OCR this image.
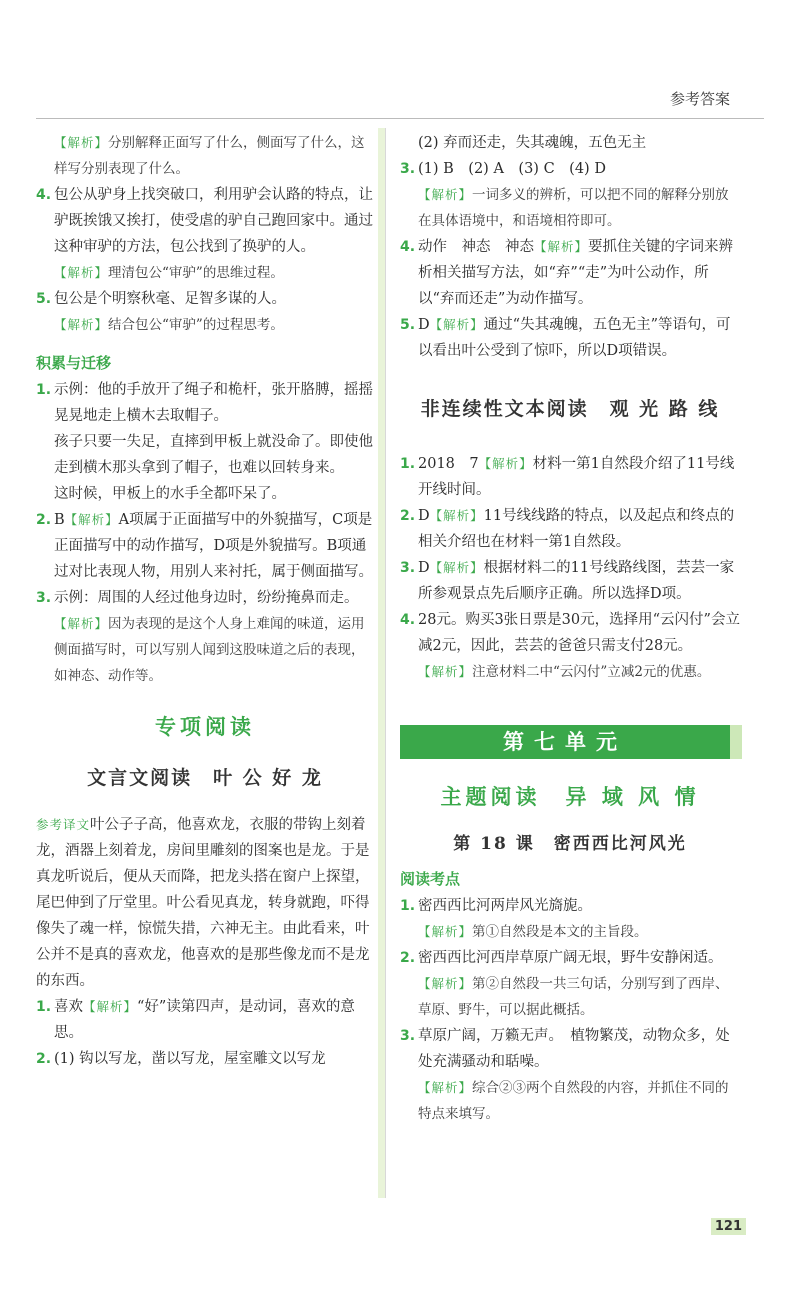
参考答案

【解析】分别解释正面写了什么，侧面写了什么，这样写分别表现了什么。

4. 包公从驴身上找突破口，利用驴会认路的特点，让驴既挨饿又挨打，使受虐的驴自己跑回家中。通过这种审驴的方法，包公找到了换驴的人。

【解析】理清包公“审驴”的思维过程。

5. 包公是个明察秋毫、足智多谋的人。

【解析】结合包公“审驴”的过程思考。

积累与迁移

1. 示例：他的手放开了绳子和桅杆，张开胳膊，摇摇晃晃地走上横木去取帽子。

孩子只要一失足，直摔到甲板上就没命了。即使他走到横木那头拿到了帽子，也难以回转身来。

这时候，甲板上的水手全都吓呆了。

2. B【解析】A项属于正面描写中的外貌描写，C项是正面描写中的动作描写，D项是外貌描写。B项通过对比表现人物，用别人来衬托，属于侧面描写。

3. 示例：周围的人经过他身边时，纷纷掩鼻而走。

【解析】因为表现的是这个人身上难闻的味道，运用侧面描写时，可以写别人闻到这股味道之后的表现，如神态、动作等。

专项阅读
文言文阅读　叶 公 好 龙

参考译文叶公子子高，他喜欢龙，衣服的带钩上刻着龙，酒器上刻着龙，房间里雕刻的图案也是龙。于是真龙听说后，便从天而降，把龙头搭在窗户上探望，尾巴伸到了厅堂里。叶公看见真龙，转身就跑，吓得像失了魂一样，惊慌失措，六神无主。由此看来，叶公并不是真的喜欢龙，他喜欢的是那些像龙而不是龙的东西。

1. 喜欢【解析】“好”读第四声，是动词，喜欢的意思。

2. (1) 钩以写龙，凿以写龙，屋室雕文以写龙

(2) 弃而还走，失其魂魄，五色无主

3. (1) B　(2) A　(3) C　(4) D

【解析】一词多义的辨析，可以把不同的解释分别放在具体语境中，和语境相符即可。

4. 动作　神态　神态【解析】要抓住关键的字词来辨析相关描写方法，如“弃”“走”为叶公动作，所以“弃而还走”为动作描写。

5. D【解析】通过“失其魂魄，五色无主”等语句，可以看出叶公受到了惊吓，所以D项错误。

非连续性文本阅读　观 光 路 线

1. 2018　7【解析】材料一第1自然段介绍了11号线开线时间。

2. D【解析】11号线线路的特点，以及起点和终点的相关介绍也在材料一第1自然段。

3. D【解析】根据材料二的11号线路线图，芸芸一家所参观景点先后顺序正确。所以选择D项。

4. 28元。购买3张日票是30元，选择用“云闪付”会立减2元，因此，芸芸的爸爸只需支付28元。

【解析】注意材料二中“云闪付”立减2元的优惠。

第七单元
主题阅读　异 域 风 情
第 18 课　密西西比河风光
阅读考点

1. 密西西比河两岸风光旖旎。

【解析】第①自然段是本文的主旨段。

2. 密西西比河西岸草原广阔无垠，野牛安静闲适。

【解析】第②自然段一共三句话，分别写到了西岸、草原、野牛，可以据此概括。

3. 草原广阔，万籁无声。　植物繁茂，动物众多，处处充满骚动和聒噪。

【解析】综合②③两个自然段的内容，并抓住不同的特点来填写。

121
